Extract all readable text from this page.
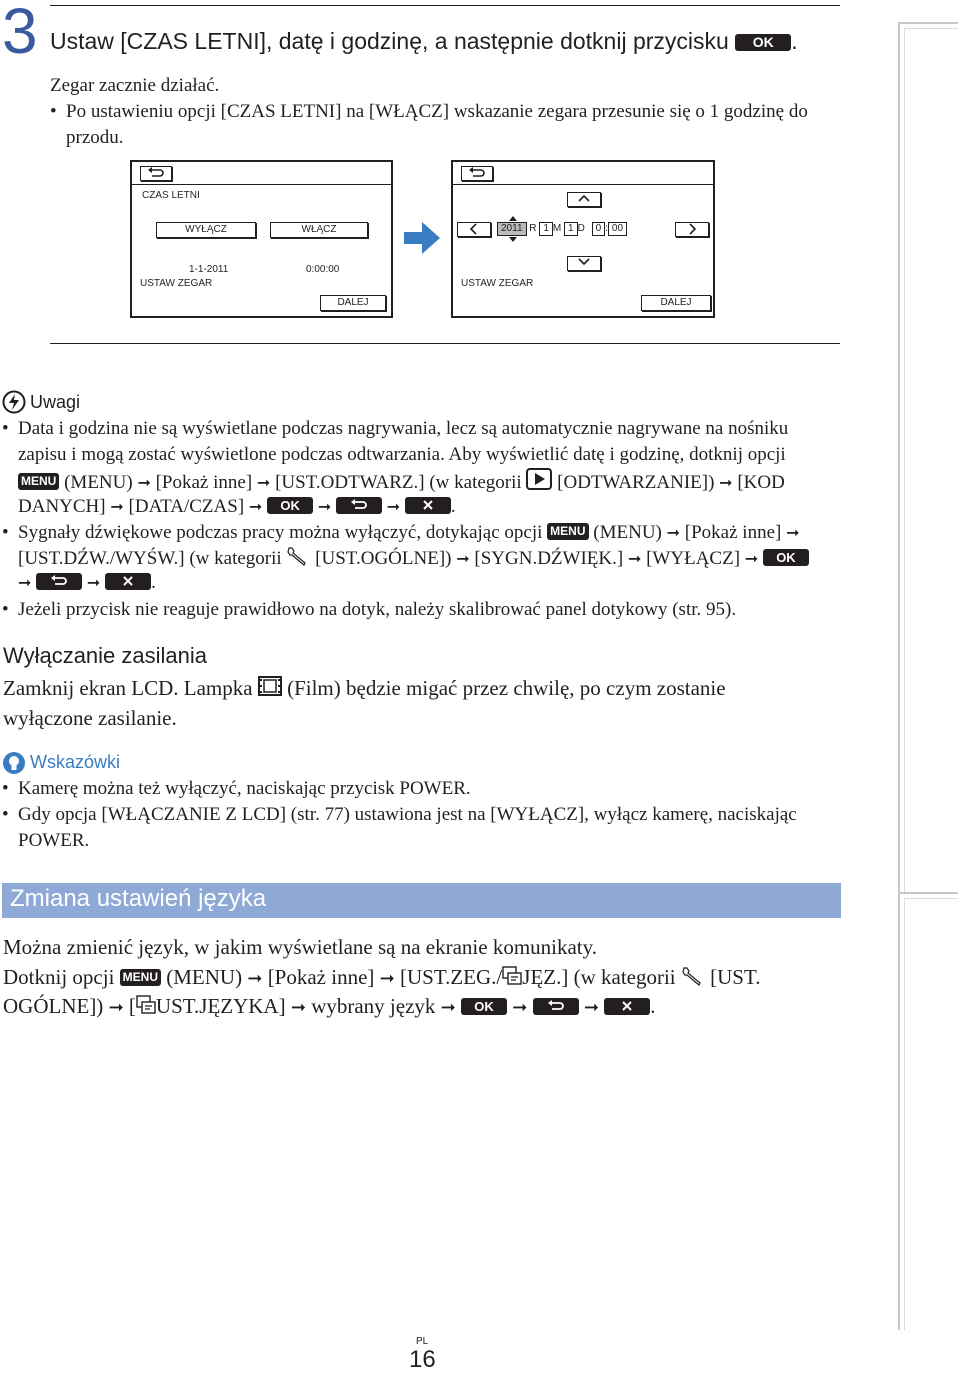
3 Ustaw [CZAS LETNI], datę i godzinę, a następnie dotknij przycisku OK .
Zegar zacznie działać.
• Po ustawieniu opcji [CZAS LETNI] na [WŁĄCZ] wskazanie zegara przesunie się o 1 godzinę do
przodu.
CZAS LETNI
WYŁĄCZ	WŁĄCZ
1-1-2011	0:00:00
USTAW ZEGAR
DALEJ
2011 R 1 M 1 D 0 : 00
USTAW ZEGAR
DALEJ
Uwagi
• Data i godzina nie są wyświetlane podczas nagrywania, lecz są automatycznie nagrywane na nośniku
zapisu i mogą zostać wyświetlone podczas odtwarzania. Aby wyświetlić datę i godzinę, dotknij opcji
MENU (MENU) ➞ [Pokaż inne] ➞ [UST.ODTWARZ.] (w kategorii [ODTWARZANIE]) ➞ [KOD
DANYCH] ➞ [DATA/CZAS] ➞ OK ➞	➞	.
• Sygnały dźwiękowe podczas pracy można wyłączyć, dotykając opcji MENU (MENU) ➞ [Pokaż inne] ➞
[UST.DŹW./WYŚW.] (w kategorii [UST.OGÓLNE]) ➞ [SYGN.DŹWIĘK.] ➞ [WYŁĄCZ] ➞ OK
➞	➞	.
• Jeżeli przycisk nie reaguje prawidłowo na dotyk, należy skalibrować panel dotykowy (str. 95).
Wyłączanie zasilania
Zamknij ekran LCD. Lampka (Film) będzie migać przez chwilę, po czym zostanie
wyłączone zasilanie.
Wskazówki
• Kamerę można też wyłączyć, naciskając przycisk POWER.
• Gdy opcja [WŁĄCZANIE Z LCD] (str. 77) ustawiona jest na [WYŁĄCZ], wyłącz kamerę, naciskając
POWER.
Zmiana ustawień języka
Można zmienić język, w jakim wyświetlane są na ekranie komunikaty.
Dotknij opcji MENU (MENU) ➞ [Pokaż inne] ➞ [UST.ZEG./ JĘZ.] (w kategorii [UST.
OGÓLNE]) ➞ [ UST.JĘZYKA] ➞ wybrany język ➞ OK ➞	➞ .
PL
16
